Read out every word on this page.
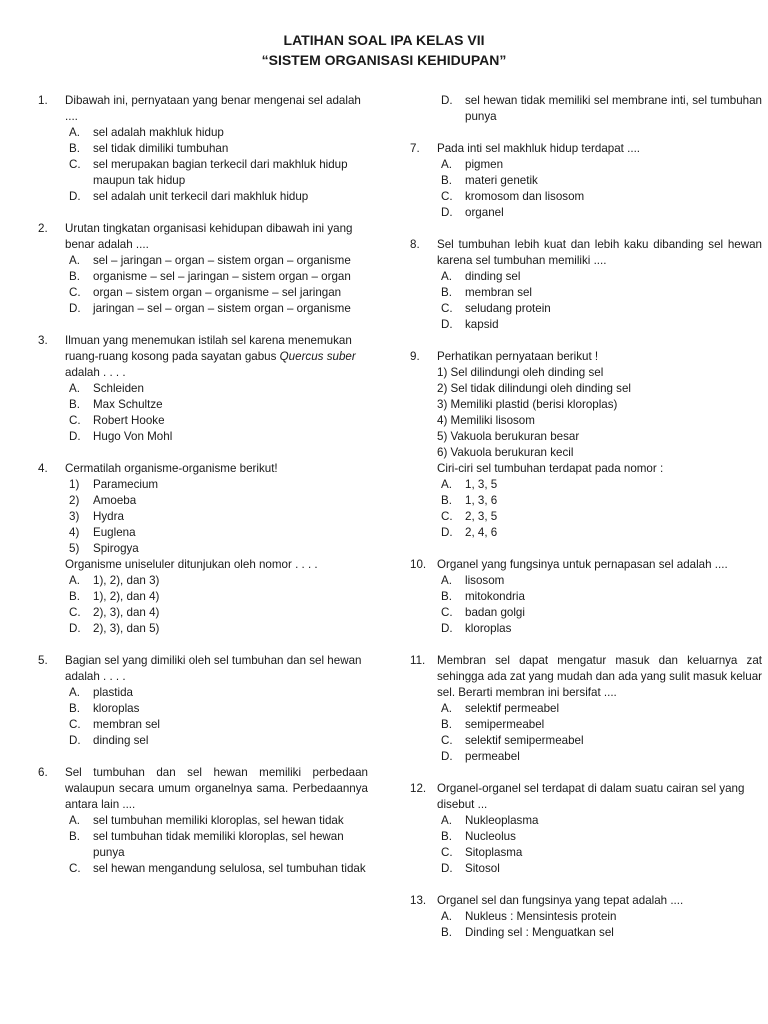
LATIHAN SOAL IPA KELAS VII
“SISTEM ORGANISASI KEHIDUPAN”
1.	Dibawah ini, pernyataan yang benar mengenai sel adalah ....
A.	sel adalah makhluk hidup
B.	sel tidak dimiliki tumbuhan
C.	sel merupakan bagian terkecil dari makhluk hidup maupun tak hidup
D.	sel adalah unit terkecil dari makhluk hidup
2.	Urutan tingkatan organisasi kehidupan dibawah ini yang benar adalah ....
A.	sel – jaringan – organ – sistem organ – organisme
B.	organisme – sel – jaringan – sistem organ – organ
C.	organ – sistem organ – organisme – sel jaringan
D.	jaringan – sel – organ – sistem organ – organisme
3.	Ilmuan yang menemukan istilah sel karena menemukan ruang-ruang kosong pada sayatan gabus Quercus suber adalah . . . .
A.	Schleiden
B.	Max Schultze
C.	Robert Hooke
D.	Hugo Von Mohl
4.	Cermatilah organisme-organisme berikut!
1)	Paramecium
2)	Amoeba
3)	Hydra
4)	Euglena
5)	Spirogya
Organisme uniseluler ditunjukan oleh nomor . . . .
A.	1), 2), dan 3)
B.	1), 2), dan 4)
C.	2), 3), dan 4)
D.	2), 3), dan 5)
5.	Bagian sel yang dimiliki oleh sel tumbuhan dan sel hewan adalah . . . .
A.	plastida
B.	kloroplas
C.	membran sel
D.	dinding sel
6.	Sel tumbuhan dan sel hewan memiliki perbedaan walaupun secara umum organelnya sama. Perbedaannya antara lain ....
A.	sel tumbuhan memiliki kloroplas, sel hewan tidak
B.	sel tumbuhan tidak memiliki kloroplas, sel hewan punya
C.	sel hewan mengandung selulosa, sel tumbuhan tidak
D.	sel hewan tidak memiliki sel membrane inti, sel tumbuhan punya
7.	Pada inti sel makhluk hidup terdapat ....
A.	pigmen
B.	materi genetik
C.	kromosom dan lisosom
D.	organel
8.	Sel tumbuhan lebih kuat dan lebih kaku dibanding sel hewan karena sel tumbuhan memiliki ....
A.	dinding sel
B.	membran sel
C.	seludang protein
D.	kapsid
9.	Perhatikan pernyataan berikut !
1) Sel dilindungi oleh dinding sel
2) Sel tidak dilindungi oleh dinding sel
3) Memiliki plastid (berisi kloroplas)
4) Memiliki lisosom
5) Vakuola berukuran besar
6) Vakuola berukuran kecil
Ciri-ciri sel tumbuhan terdapat pada nomor :
A.	1, 3, 5
B.	1, 3, 6
C.	2, 3, 5
D.	2, 4, 6
10. Organel yang fungsinya untuk pernapasan sel adalah ....
A.	lisosom
B.	mitokondria
C.	badan golgi
D.	kloroplas
11.	Membran sel dapat mengatur masuk dan keluarnya zat sehingga ada zat yang mudah dan ada yang sulit masuk keluar sel. Berarti membran ini bersifat ....
A.	selektif permeabel
B.	semipermeabel
C.	selektif semipermeabel
D.	permeabel
12. Organel-organel sel terdapat di dalam suatu cairan sel yang disebut ...
A.	Nukleoplasma
B.	Nucleolus
C.	Sitoplasma
D.	Sitosol
13. Organel sel dan fungsinya yang tepat adalah ....
A.	Nukleus : Mensintesis protein
B.	Dinding sel : Menguatkan sel
